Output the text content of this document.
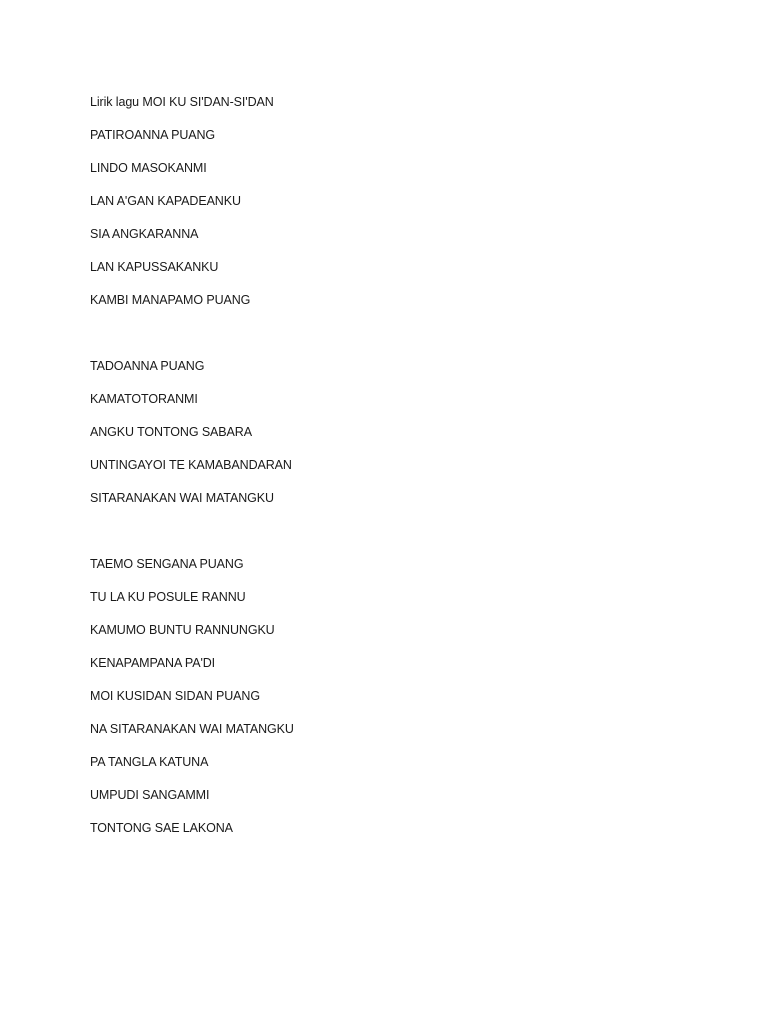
Lirik lagu MOI KU SI'DAN-SI'DAN
PATIROANNA PUANG
LINDO MASOKANMI
LAN A'GAN KAPADEANKU
SIA ANGKARANNA
LAN KAPUSSAKANKU
KAMBI MANAPAMO PUANG
TADOANNA PUANG
KAMATOTORANMI
ANGKU TONTONG SABARA
UNTINGAYOI TE KAMABANDARAN
SITARANAKAN WAI MATANGKU
TAEMO SENGANA PUANG
TU LA KU POSULE RANNU
KAMUMO BUNTU RANNUNGKU
KENAPAMPANA PA'DI
MOI KUSIDAN SIDAN PUANG
NA SITARANAKAN WAI MATANGKU
PA TANGLA KATUNA
UMPUDI SANGAMMI
TONTONG SAE LAKONA
